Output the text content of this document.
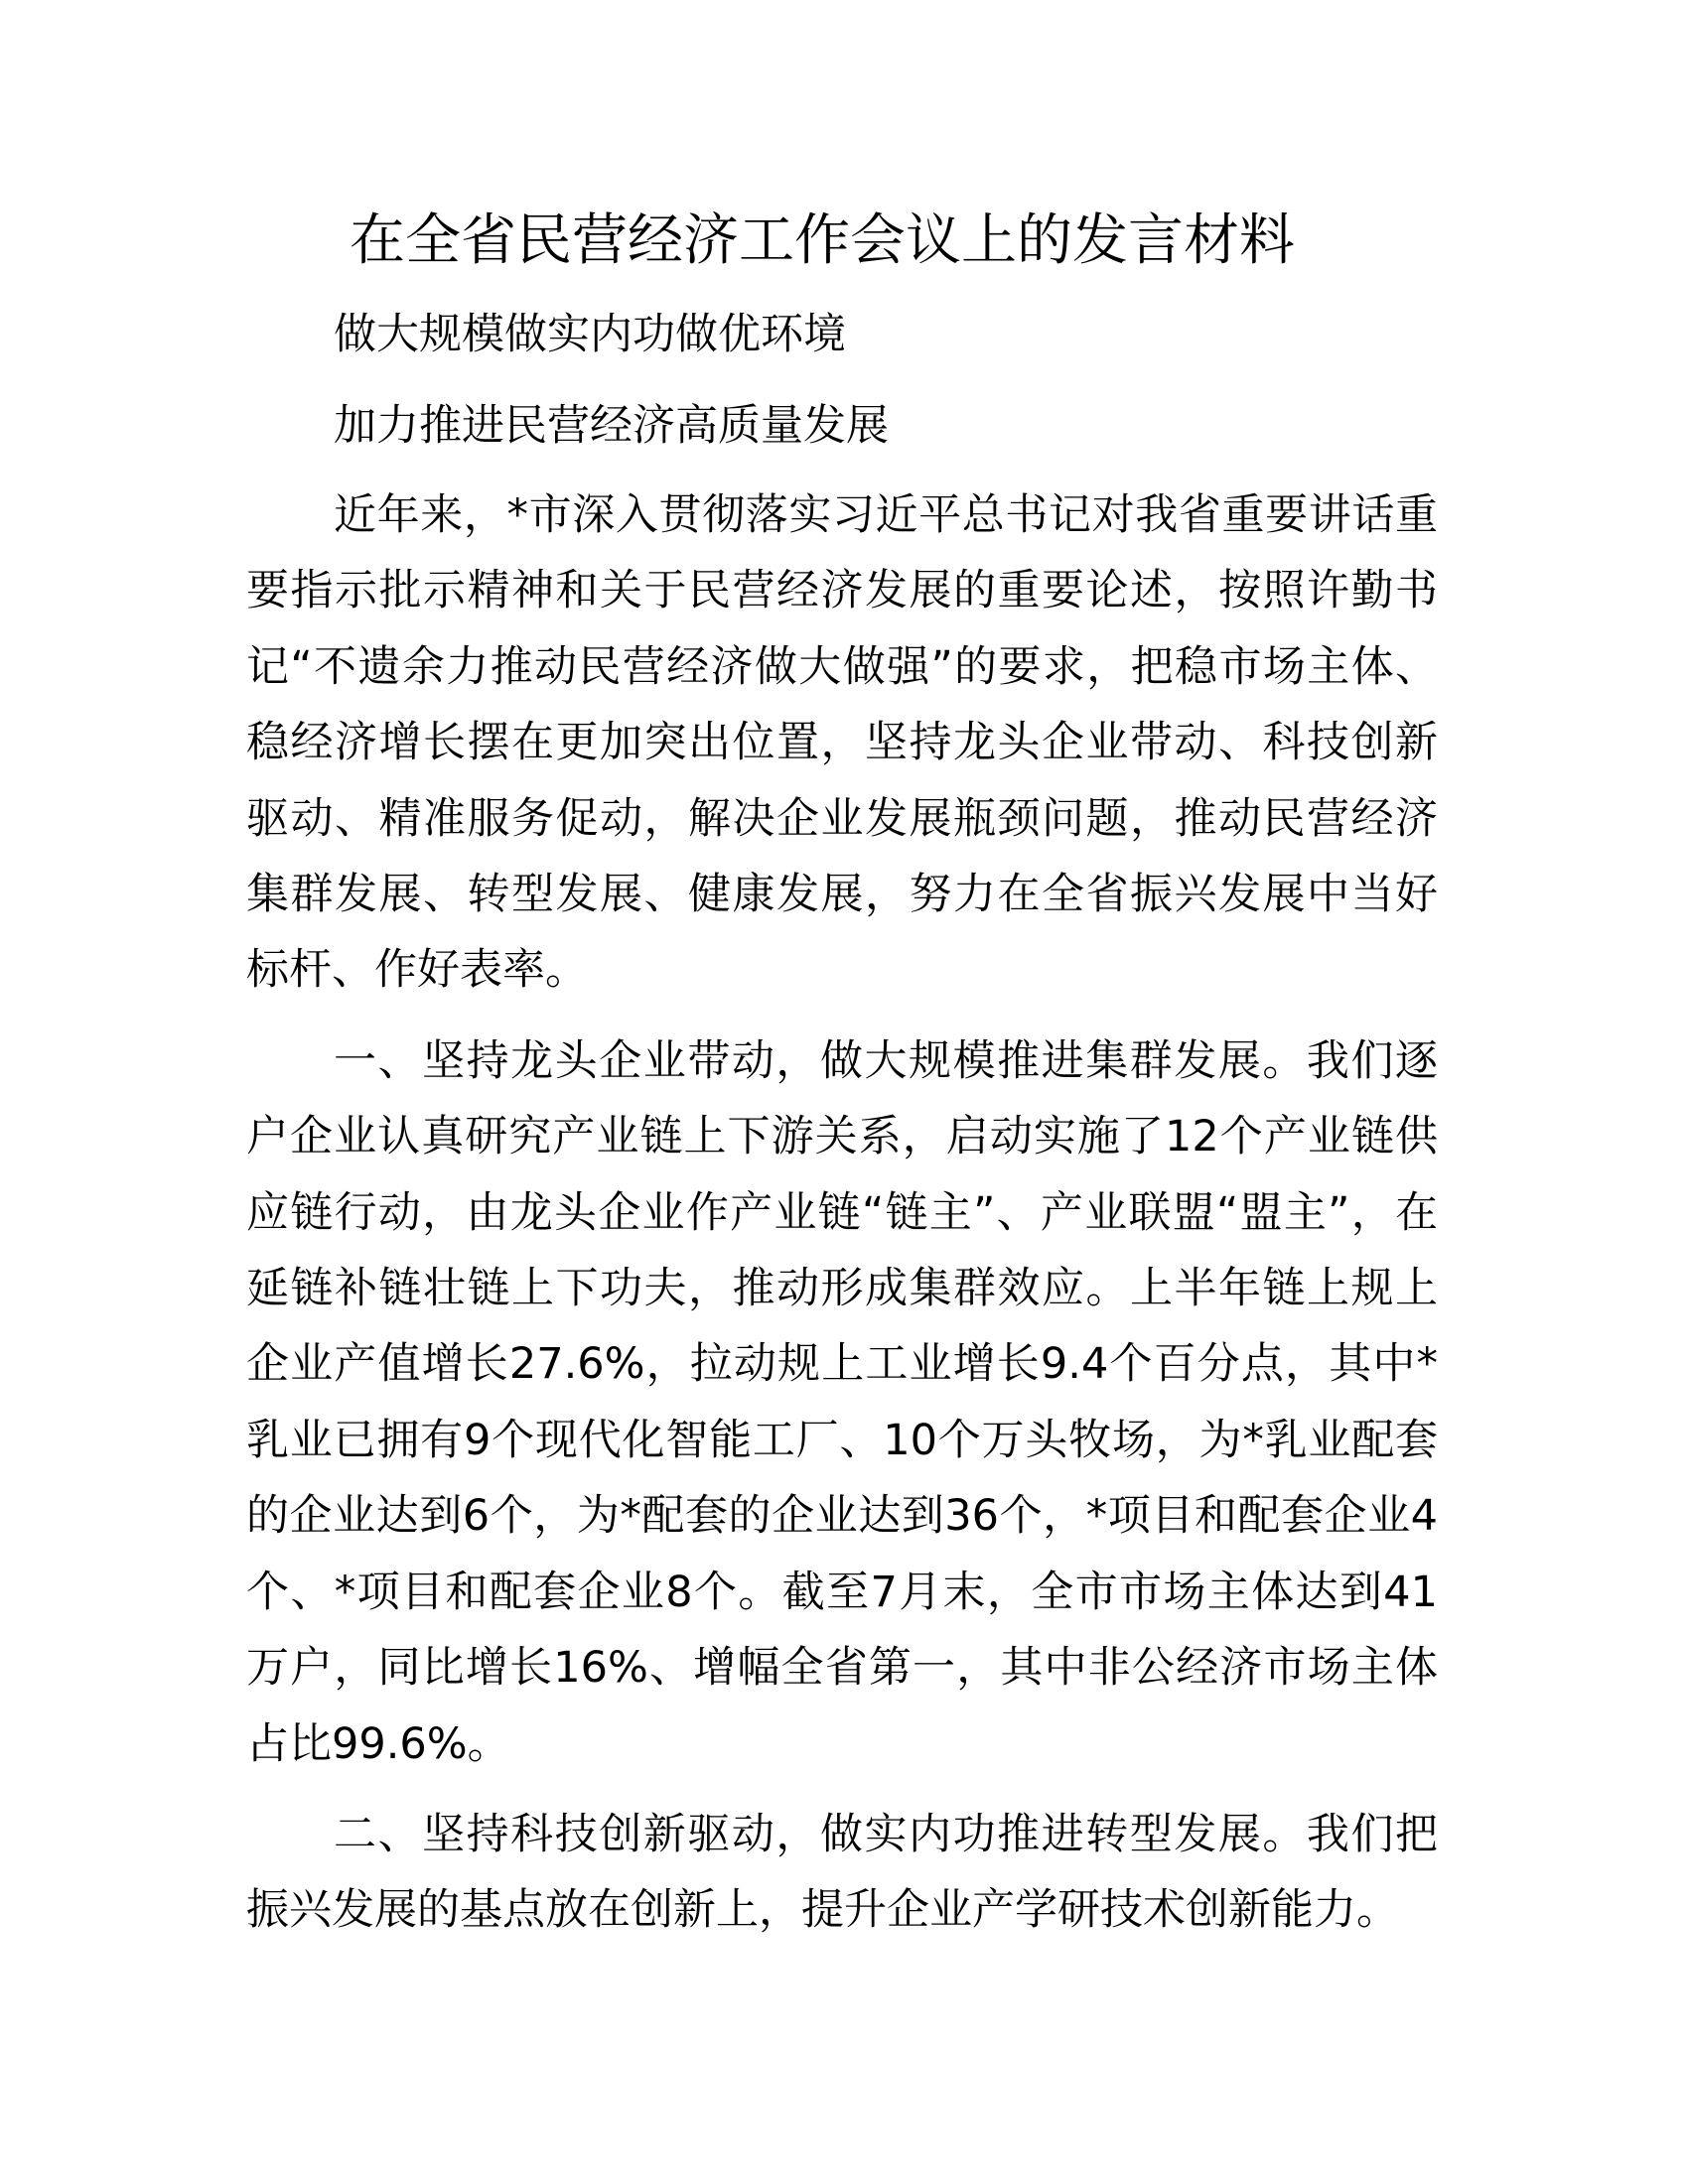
在全省民营经济工作会议上的发言材料

做大规模做实内功做优环境

加力推进民营经济高质量发展

近年来，*市深入贯彻落实习近平总书记对我省重要讲话重要指示批示精神和关于民营经济发展的重要论述，按照许勤书记“不遗余力推动民营经济做大做强”的要求，把稳市场主体、稳经济增长摆在更加突出位置，坚持龙头企业带动、科技创新驱动、精准服务促动，解决企业发展瓶颈问题，推动民营经济集群发展、转型发展、健康发展，努力在全省振兴发展中当好标杆、作好表率。

一、坚持龙头企业带动，做大规模推进集群发展。我们逐户企业认真研究产业链上下游关系，启动实施了12个产业链供应链行动，由龙头企业作产业链“链主”、产业联盟“盟主”，在延链补链壮链上下功夫，推动形成集群效应。上半年链上规上企业产值增长27.6%，拉动规上工业增长9.4个百分点，其中*乳业已拥有9个现代化智能工厂、10个万头牧场，为*乳业配套的企业达到6个，为*配套的企业达到36个，*项目和配套企业4个、*项目和配套企业8个。截至7月末，全市市场主体达到41万户，同比增长16%、增幅全省第一，其中非公经济市场主体占比99.6%。

二、坚持科技创新驱动，做实内功推进转型发展。我们把振兴发展的基点放在创新上，提升企业产学研技术创新能力。
